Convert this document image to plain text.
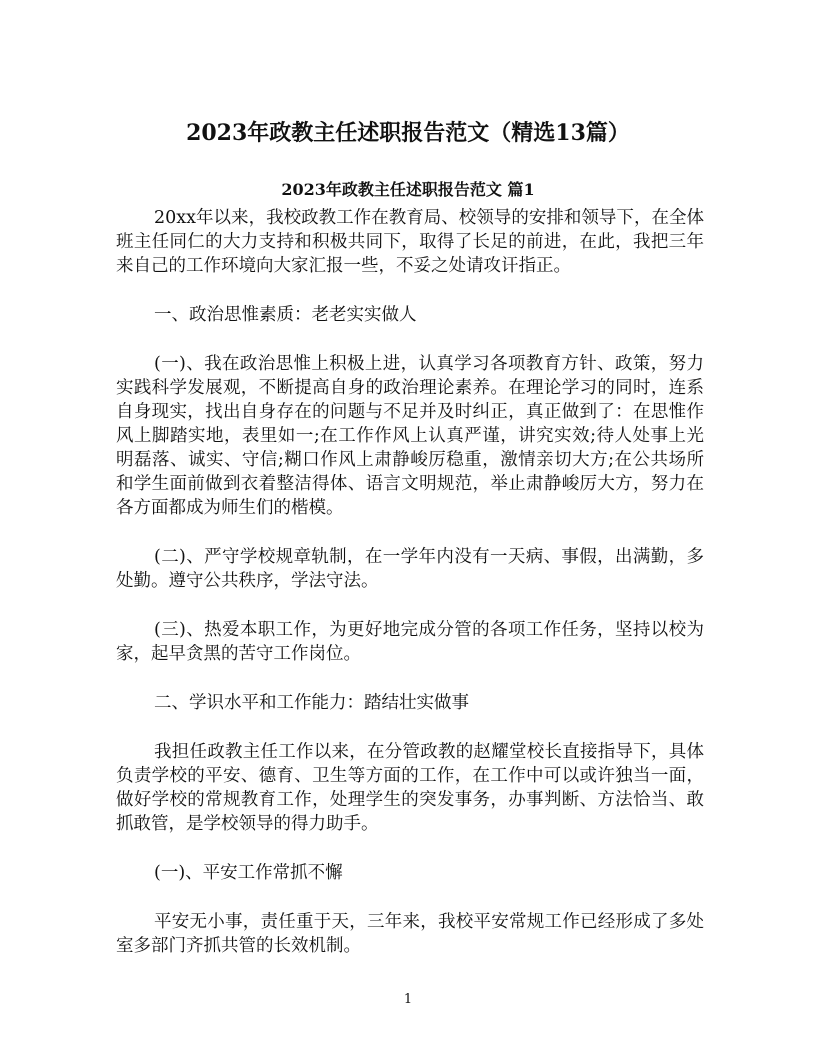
2023年政教主任述职报告范文（精选13篇）
2023年政教主任述职报告范文 篇1
20xx年以来，我校政教工作在教育局、校领导的安排和领导下，在全体
班主任同仁的大力支持和积极共同下，取得了长足的前进，在此，我把三年
来自己的工作环境向大家汇报一些，不妥之处请攻讦指正。
一、政治思惟素质：老老实实做人
(一)、我在政治思惟上积极上进，认真学习各项教育方针、政策，努力
实践科学发展观，不断提高自身的政治理论素养。在理论学习的同时，连系
自身现实，找出自身存在的问题与不足并及时纠正，真正做到了：在思惟作
风上脚踏实地，表里如一;在工作作风上认真严谨，讲究实效;待人处事上光
明磊落、诚实、守信;糊口作风上肃静峻厉稳重，激情亲切大方;在公共场所
和学生面前做到衣着整洁得体、语言文明规范，举止肃静峻厉大方，努力在
各方面都成为师生们的楷模。
(二)、严守学校规章轨制，在一学年内没有一天病、事假，出满勤，多
处勤。遵守公共秩序，学法守法。
(三)、热爱本职工作，为更好地完成分管的各项工作任务，坚持以校为
家，起早贪黑的苦守工作岗位。
二、学识水平和工作能力：踏结壮实做事
我担任政教主任工作以来，在分管政教的赵耀堂校长直接指导下，具体
负责学校的平安、德育、卫生等方面的工作，在工作中可以或许独当一面，
做好学校的常规教育工作，处理学生的突发事务，办事判断、方法恰当、敢
抓敢管，是学校领导的得力助手。
(一)、平安工作常抓不懈
平安无小事，责任重于天，三年来，我校平安常规工作已经形成了多处
室多部门齐抓共管的长效机制。
1
